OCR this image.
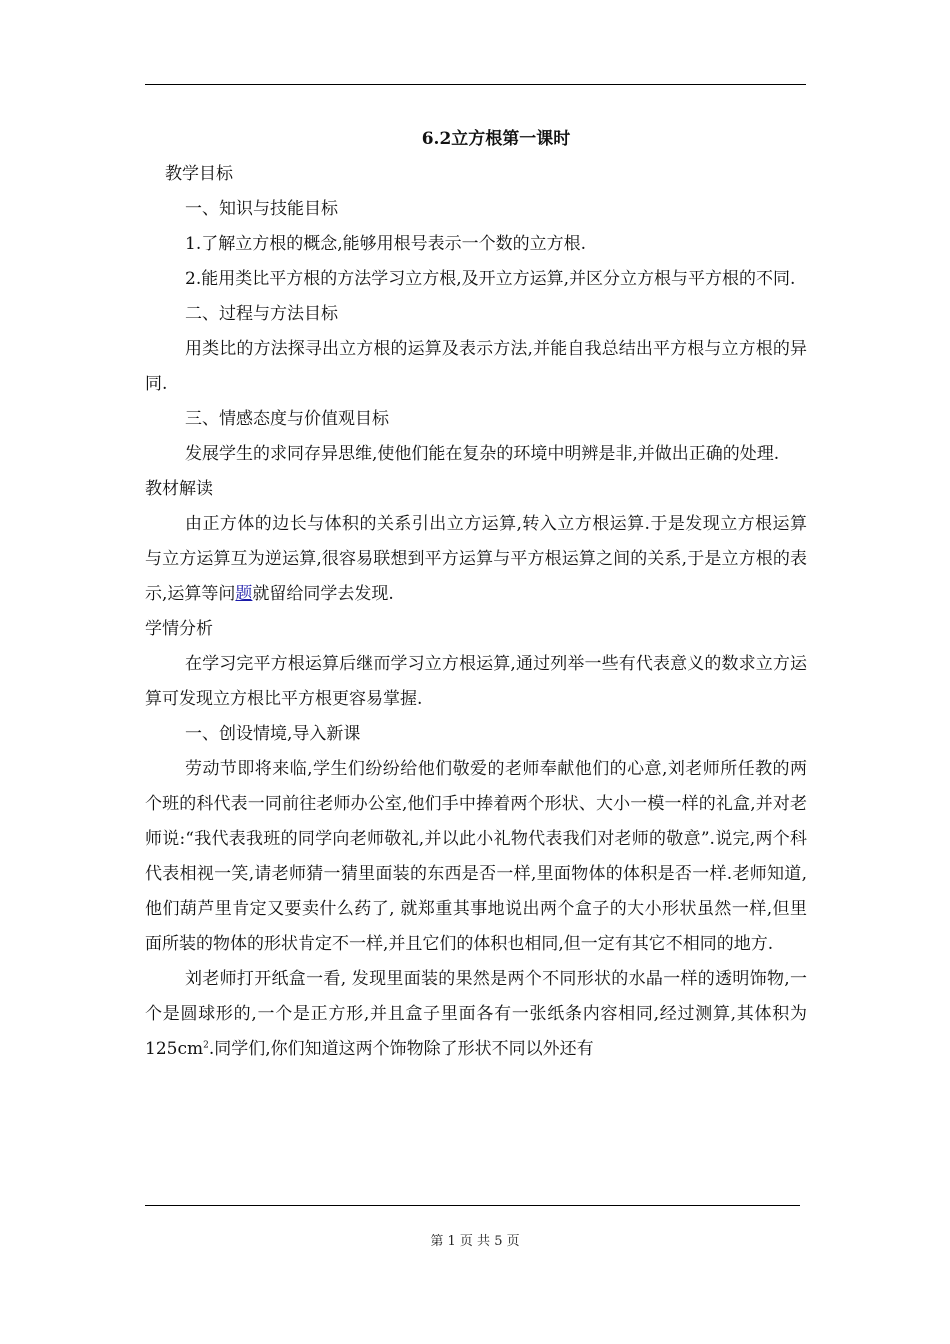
6.2立方根第一课时

教学目标

一、知识与技能目标

1.了解立方根的概念,能够用根号表示一个数的立方根.

2.能用类比平方根的方法学习立方根,及开立方运算,并区分立方根与平方根的不同.

二、过程与方法目标

用类比的方法探寻出立方根的运算及表示方法,并能自我总结出平方根与立方根的异同.

三、情感态度与价值观目标

发展学生的求同存异思维,使他们能在复杂的环境中明辨是非,并做出正确的处理.

教材解读

由正方体的边长与体积的关系引出立方运算,转入立方根运算.于是发现立方根运算与立方运算互为逆运算,很容易联想到平方运算与平方根运算之间的关系,于是立方根的表示,运算等问题就留给同学去发现.

学情分析

在学习完平方根运算后继而学习立方根运算,通过列举一些有代表意义的数求立方运算可发现立方根比平方根更容易掌握.

一、创设情境,导入新课

劳动节即将来临,学生们纷纷给他们敬爱的老师奉献他们的心意,刘老师所任教的两个班的科代表一同前往老师办公室,他们手中捧着两个形状、大小一模一样的礼盒,并对老师说:“我代表我班的同学向老师敬礼,并以此小礼物代表我们对老师的敬意”.说完,两个科代表相视一笑,请老师猜一猜里面装的东西是否一样,里面物体的体积是否一样.老师知道,他们葫芦里肯定又要卖什么药了, 就郑重其事地说出两个盒子的大小形状虽然一样,但里面所装的物体的形状肯定不一样,并且它们的体积也相同,但一定有其它不相同的地方.

刘老师打开纸盒一看, 发现里面装的果然是两个不同形状的水晶一样的透明饰物,一个是圆球形的,一个是正方形,并且盒子里面各有一张纸条内容相同,经过测算,其体积为$125cm^2$.同学们,你们知道这两个饰物除了形状不同以外还有

第 1 页 共 5 页
